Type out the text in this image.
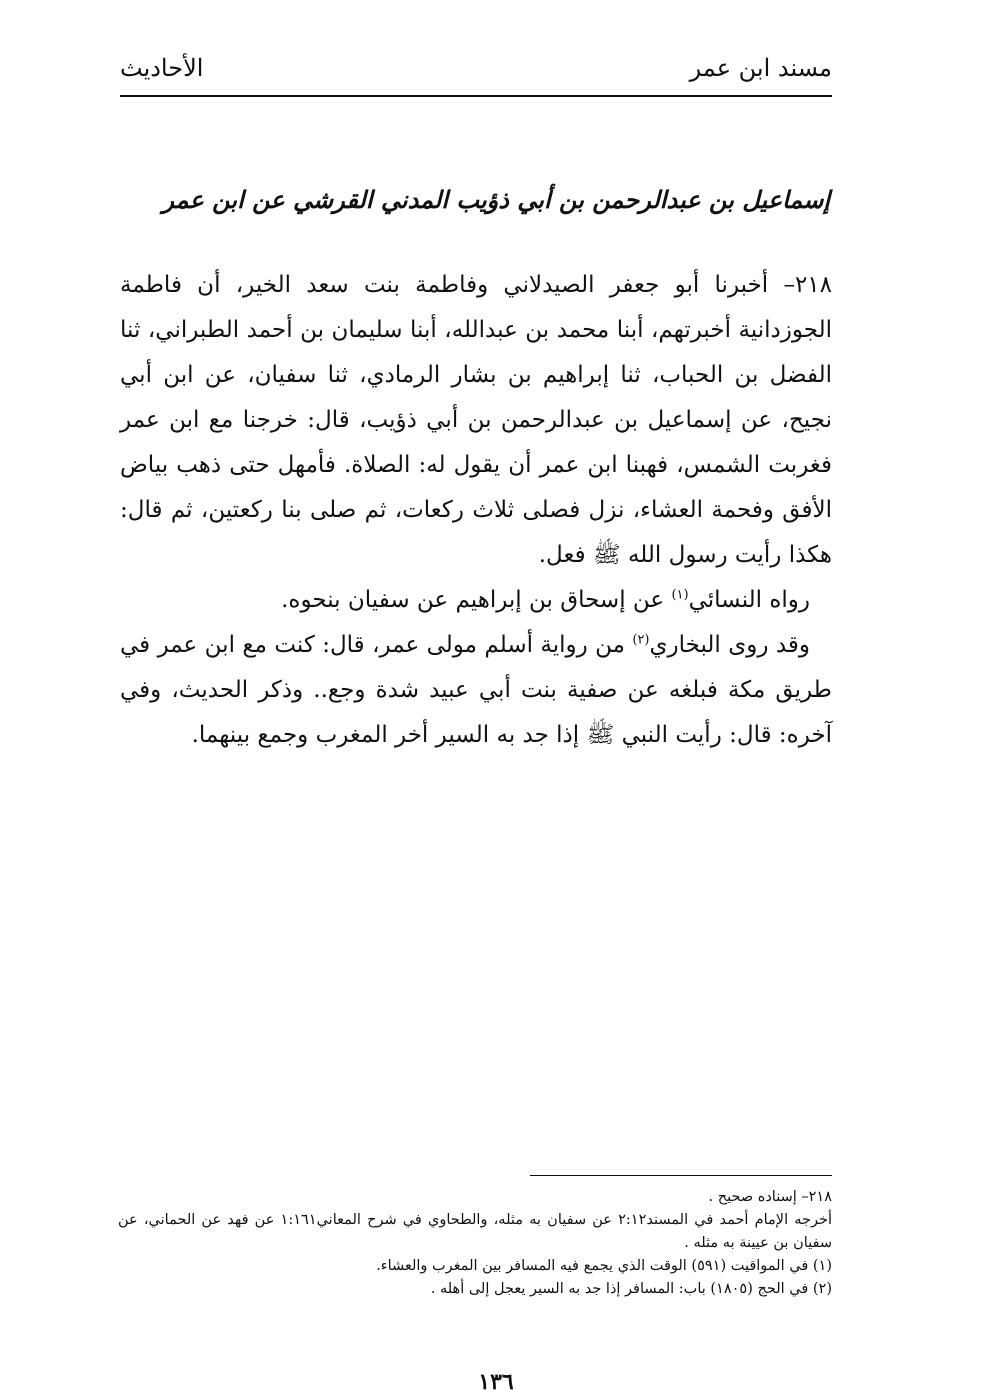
مسند ابن عمر
الأحاديث
إسماعيل بن عبدالرحمن بن أبي ذؤيب المدني القرشي عن ابن عمر

٢١٨– أخبرنا أبو جعفر الصيدلاني وفاطمة بنت سعد الخير، أن فاطمة الجوزدانية أخبرتهم، أبنا محمد بن عبدالله، أبنا سليمان بن أحمد الطبراني، ثنا الفضل بن الحباب، ثنا إبراهيم بن بشار الرمادي، ثنا سفيان، عن ابن أبي نجيح، عن إسماعيل بن عبدالرحمن بن أبي ذؤيب، قال: خرجنا مع ابن عمر فغربت الشمس، فهبنا ابن عمر أن يقول له: الصلاة. فأمهل حتى ذهب بياض الأفق وفحمة العشاء، نزل فصلى ثلاث ركعات، ثم صلى بنا ركعتين، ثم قال: هكذا رأيت رسول الله ﷺ فعل.

رواه النسائي$^{(١)}$ عن إسحاق بن إبراهيم عن سفيان بنحوه.

وقد روى البخاري$^{(٢)}$ من رواية أسلم مولى عمر، قال: كنت مع ابن عمر في طريق مكة فبلغه عن صفية بنت أبي عبيد شدة وجع.. وذكر الحديث، وفي آخره: قال: رأيت النبي ﷺ إذا جد به السير أخر المغرب وجمع بينهما.

٢١٨– إسناده صحيح .

أخرجه الإمام أحمد في المسند٢:١٢ عن سفيان به مثله، والطحاوي في شرح المعاني١:١٦١ عن فهد عن الحماني، عن سفيان بن عيينة به مثله .

(١) في المواقيت (٥٩١) الوقت الذي يجمع فيه المسافر بين المغرب والعشاء.

(٢) في الحج (١٨٠٥) باب: المسافر إذا جد به السير يعجل إلى أهله .

١٣٦
